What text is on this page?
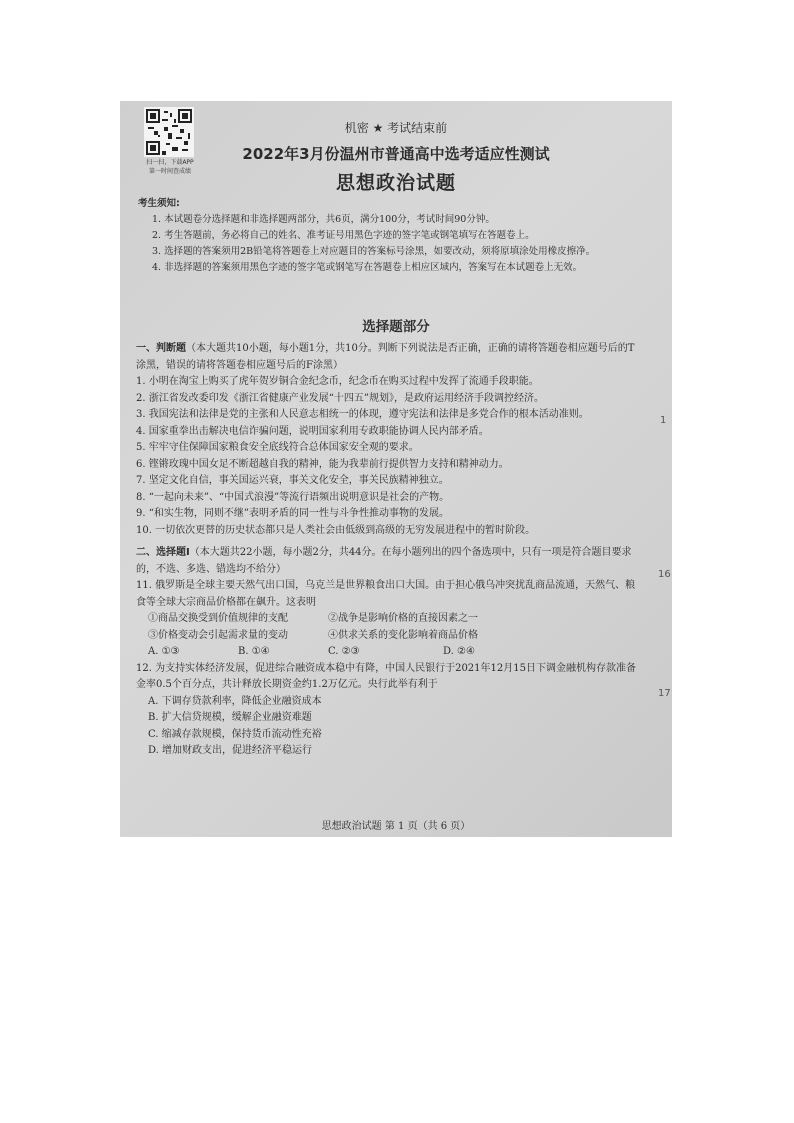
扫一扫，下载APP
第一时间查成绩
机密 ★ 考试结束前
2022年3月份温州市普通高中选考适应性测试
思想政治试题

考生须知:

1. 本试题卷分选择题和非选择题两部分，共6页，满分100分，考试时间90分钟。

2. 考生答题前，务必将自己的姓名、准考证号用黑色字迹的签字笔或钢笔填写在答题卷上。

3. 选择题的答案须用2B铅笔将答题卷上对应题目的答案标号涂黑，如要改动，须将原填涂处用橡皮擦净。

4. 非选择题的答案须用黑色字迹的签字笔或钢笔写在答题卷上相应区域内，答案写在本试题卷上无效。

选择题部分

一、判断题（本大题共10小题，每小题1分，共10分。判断下列说法是否正确，正确的请将答题卷相应题号后的T涂黑，错误的请将答题卷相应题号后的F涂黑）

1. 小明在淘宝上购买了虎年贺岁铜合金纪念币，纪念币在购买过程中发挥了流通手段职能。

2. 浙江省发改委印发《浙江省健康产业发展“十四五”规划》，是政府运用经济手段调控经济。

3. 我国宪法和法律是党的主张和人民意志相统一的体现，遵守宪法和法律是多党合作的根本活动准则。

4. 国家重拳出击解决电信诈骗问题，说明国家利用专政职能协调人民内部矛盾。

5. 牢牢守住保障国家粮食安全底线符合总体国家安全观的要求。

6. 铿锵玫瑰中国女足不断超越自我的精神，能为我辈前行提供智力支持和精神动力。

7. 坚定文化自信，事关国运兴衰，事关文化安全，事关民族精神独立。

8. “一起向未来”、“中国式浪漫”等流行语频出说明意识是社会的产物。

9. “和实生物，同则不继”表明矛盾的同一性与斗争性推动事物的发展。

10. 一切依次更替的历史状态都只是人类社会由低级到高级的无穷发展进程中的暂时阶段。

二、选择题Ⅰ（本大题共22小题，每小题2分，共44分。在每小题列出的四个备选项中，只有一项是符合题目要求的，不选、多选、错选均不给分）

11. 俄罗斯是全球主要天然气出口国，乌克兰是世界粮食出口大国。由于担心俄乌冲突扰乱商品流通，天然气、粮食等全球大宗商品价格都在飙升。这表明

①商品交换受到价值规律的支配	②战争是影响价格的直接因素之一
③价格变动会引起需求量的变动	④供求关系的变化影响着商品价格
A. ①③	B. ①④	C. ②③	D. ②④

12. 为支持实体经济发展，促进综合融资成本稳中有降，中国人民银行于2021年12月15日下调金融机构存款准备金率0.5个百分点，共计释放长期资金约1.2万亿元。央行此举有利于

A. 下调存贷款利率，降低企业融资成本

B. 扩大信贷规模，缓解企业融资难题

C. 缩减存款规模，保持货币流动性充裕

D. 增加财政支出，促进经济平稳运行

思想政治试题 第 1 页（共 6 页）
1
16
17
